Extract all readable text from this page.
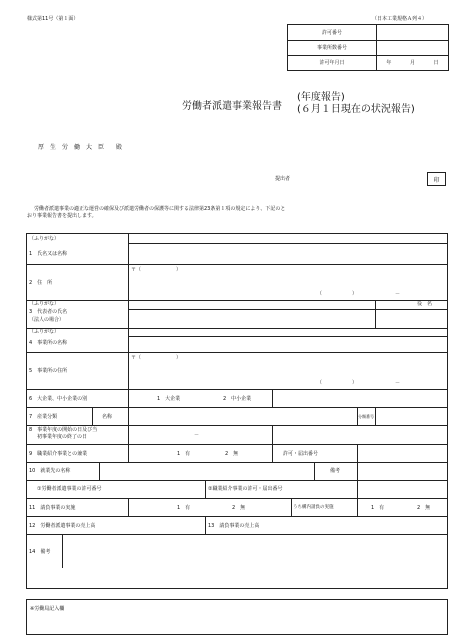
様式第11号（第１面）	（日本工業規格Ａ列４）
許可番号
事業所数番号
許可年月日	年	月	日
労働者派遣事業報告書
(年度報告)
(６月１日現在の状況報告)
厚　生　労　働　大　臣　　殿
提出者	印
労働者派遣事業の適正な運営の確保及び派遣労働者の保護等に関する法律第23条第１項の規定により、下記のと
おり事業報告書を提出します。
（ふりがな）
1　氏名又は名称
2　住　所
〒（　　　　　　　）
（　　　　　　）	－
（ふりがな）
3　代表者の氏名
（法人の場合）
役　名
（ふりがな）
4　事業所の名称
5　事業所の住所
〒（　　　　　　　）
（　　　　　　）	－
6　大企業、中小企業の別	1　大企業	2　中小企業
7　産業分類	名称	分類番号
8　事業年度の開始の日及び当
初事業年度の終了の日	－
9　職業紹介事業との兼業	1　有	2　無	許可・届出番号
10　就業先の名称	備考
①労働者派遣事業の許可番号	②職業紹介事業の許可・届出番号
11　請負事業の実施	1　有	2　無	うち構内請負の実施	1　有	2　無
12　労働者派遣事業の売上高	13　請負事業の売上高
14　備考
※労働局記入欄
